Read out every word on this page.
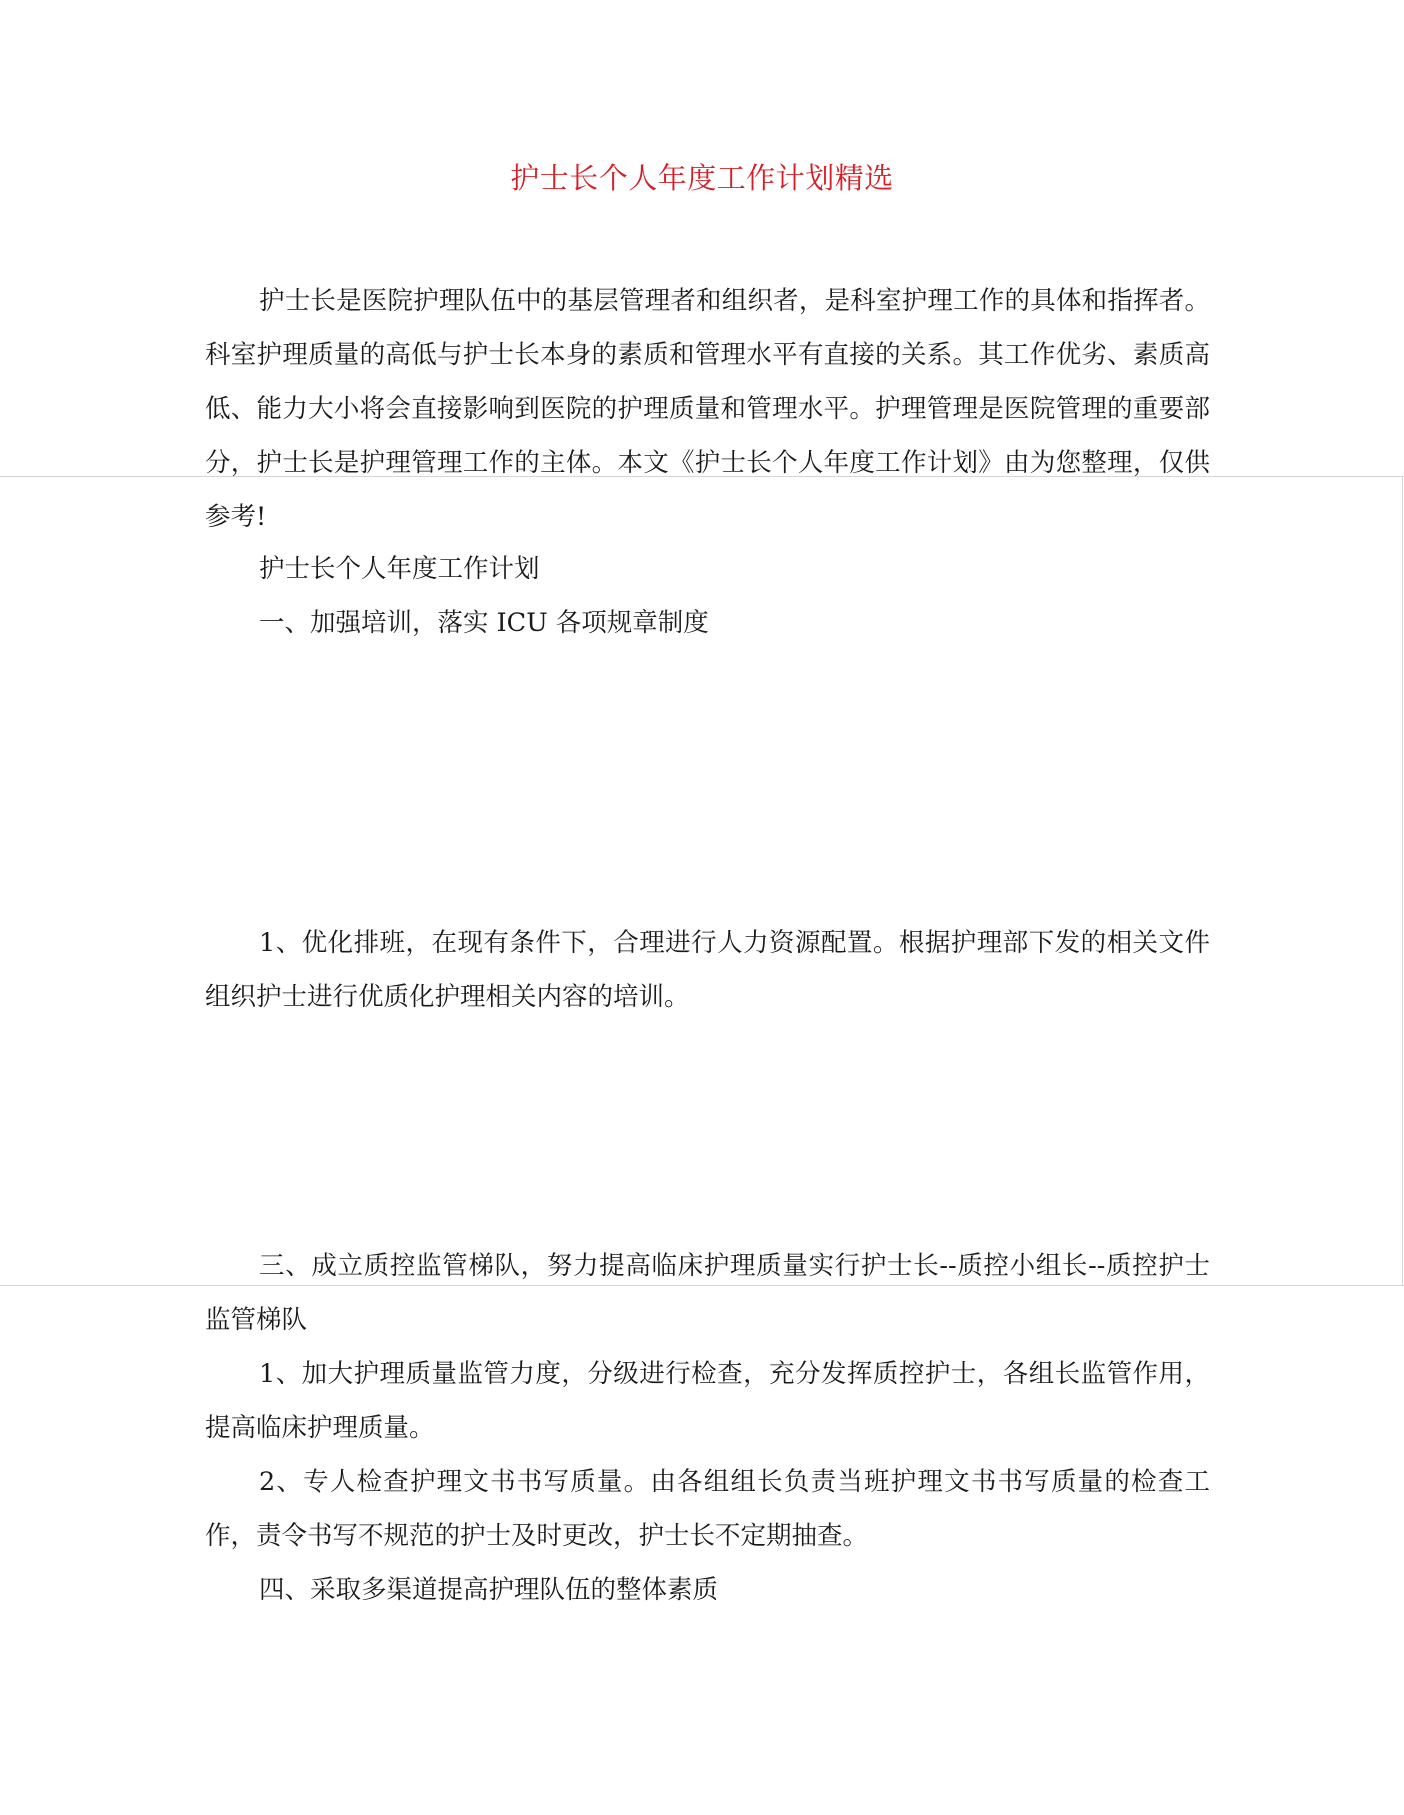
护士长个人年度工作计划精选

护士长是医院护理队伍中的基层管理者和组织者，是科室护理工作的具体和指挥者。科室护理质量的高低与护士长本身的素质和管理水平有直接的关系。其工作优劣、素质高低、能力大小将会直接影响到医院的护理质量和管理水平。护理管理是医院管理的重要部分，护士长是护理管理工作的主体。本文《护士长个人年度工作计划》由为您整理，仅供参考!

护士长个人年度工作计划

一、加强培训，落实 ICU 各项规章制度

1、优化排班，在现有条件下，合理进行人力资源配置。根据护理部下发的相关文件组织护士进行优质化护理相关内容的培训。

三、成立质控监管梯队，努力提高临床护理质量实行护士长--质控小组长--质控护士监管梯队

1、加大护理质量监管力度，分级进行检查，充分发挥质控护士，各组长监管作用，提高临床护理质量。

2、专人检查护理文书书写质量。由各组组长负责当班护理文书书写质量的检查工作，责令书写不规范的护士及时更改，护士长不定期抽查。

四、采取多渠道提高护理队伍的整体素质
